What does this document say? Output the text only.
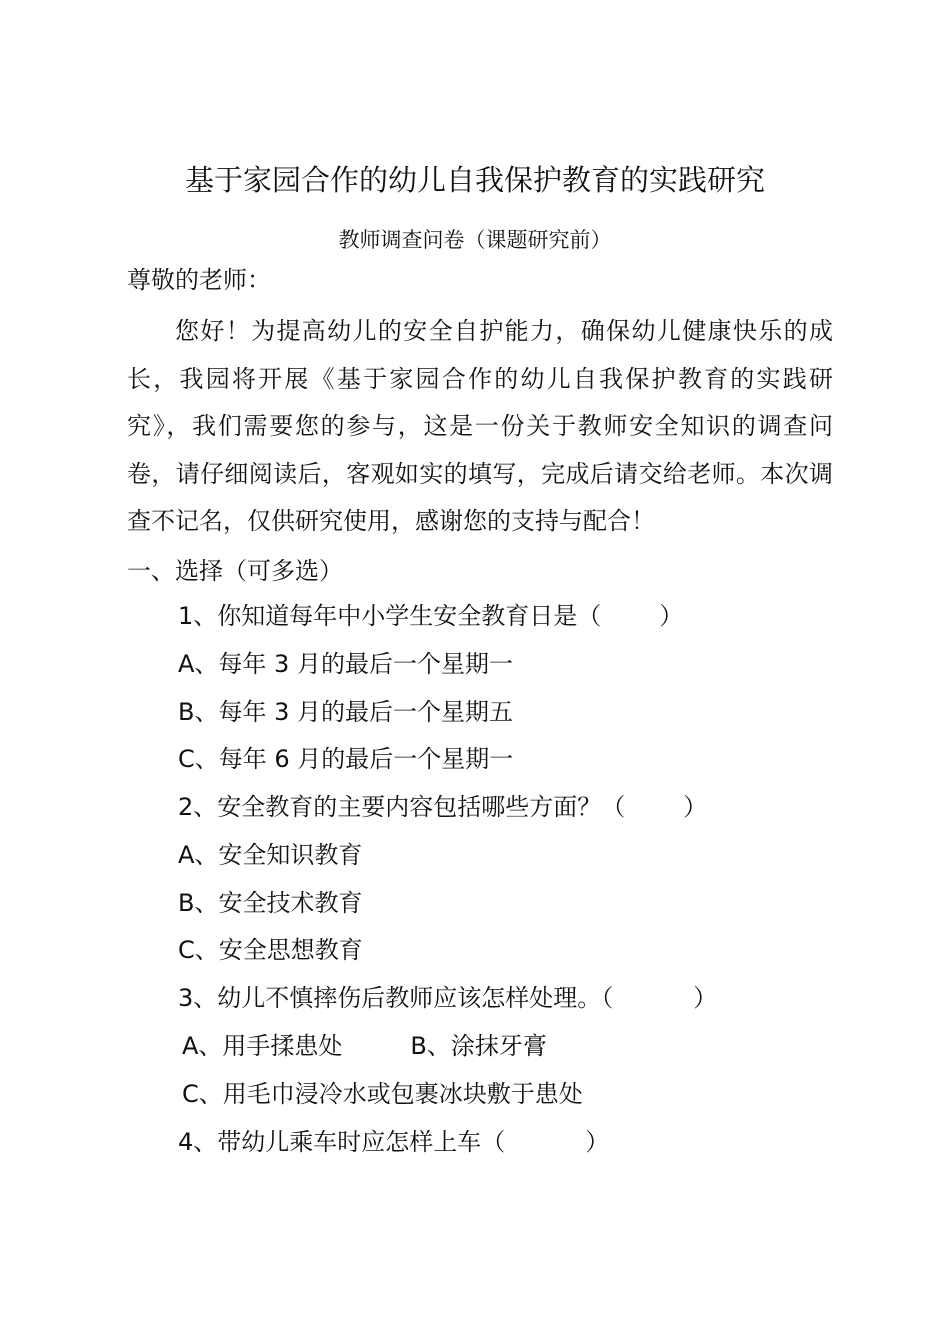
基于家园合作的幼儿自我保护教育的实践研究
教师调查问卷（课题研究前）
尊敬的老师：

您好！为提高幼儿的安全自护能力，确保幼儿健康快乐的成长，我园将开展《基于家园合作的幼儿自我保护教育的实践研究》，我们需要您的参与，这是一份关于教师安全知识的调查问卷，请仔细阅读后，客观如实的填写，完成后请交给老师。本次调查不记名，仅供研究使用，感谢您的支持与配合！

一、选择（可多选）
1、你知道每年中小学生安全教育日是（ ）
A、每年 3 月的最后一个星期一
B、每年 3 月的最后一个星期五
C、每年 6 月的最后一个星期一
2、安全教育的主要内容包括哪些方面？（ ）
A、安全知识教育
B、安全技术教育
C、安全思想教育
3、幼儿不慎摔伤后教师应该怎样处理。（	）
A、用手揉患处	B、涂抹牙膏
C、用毛巾浸冷水或包裹冰块敷于患处
4、带幼儿乘车时应怎样上车（	）
